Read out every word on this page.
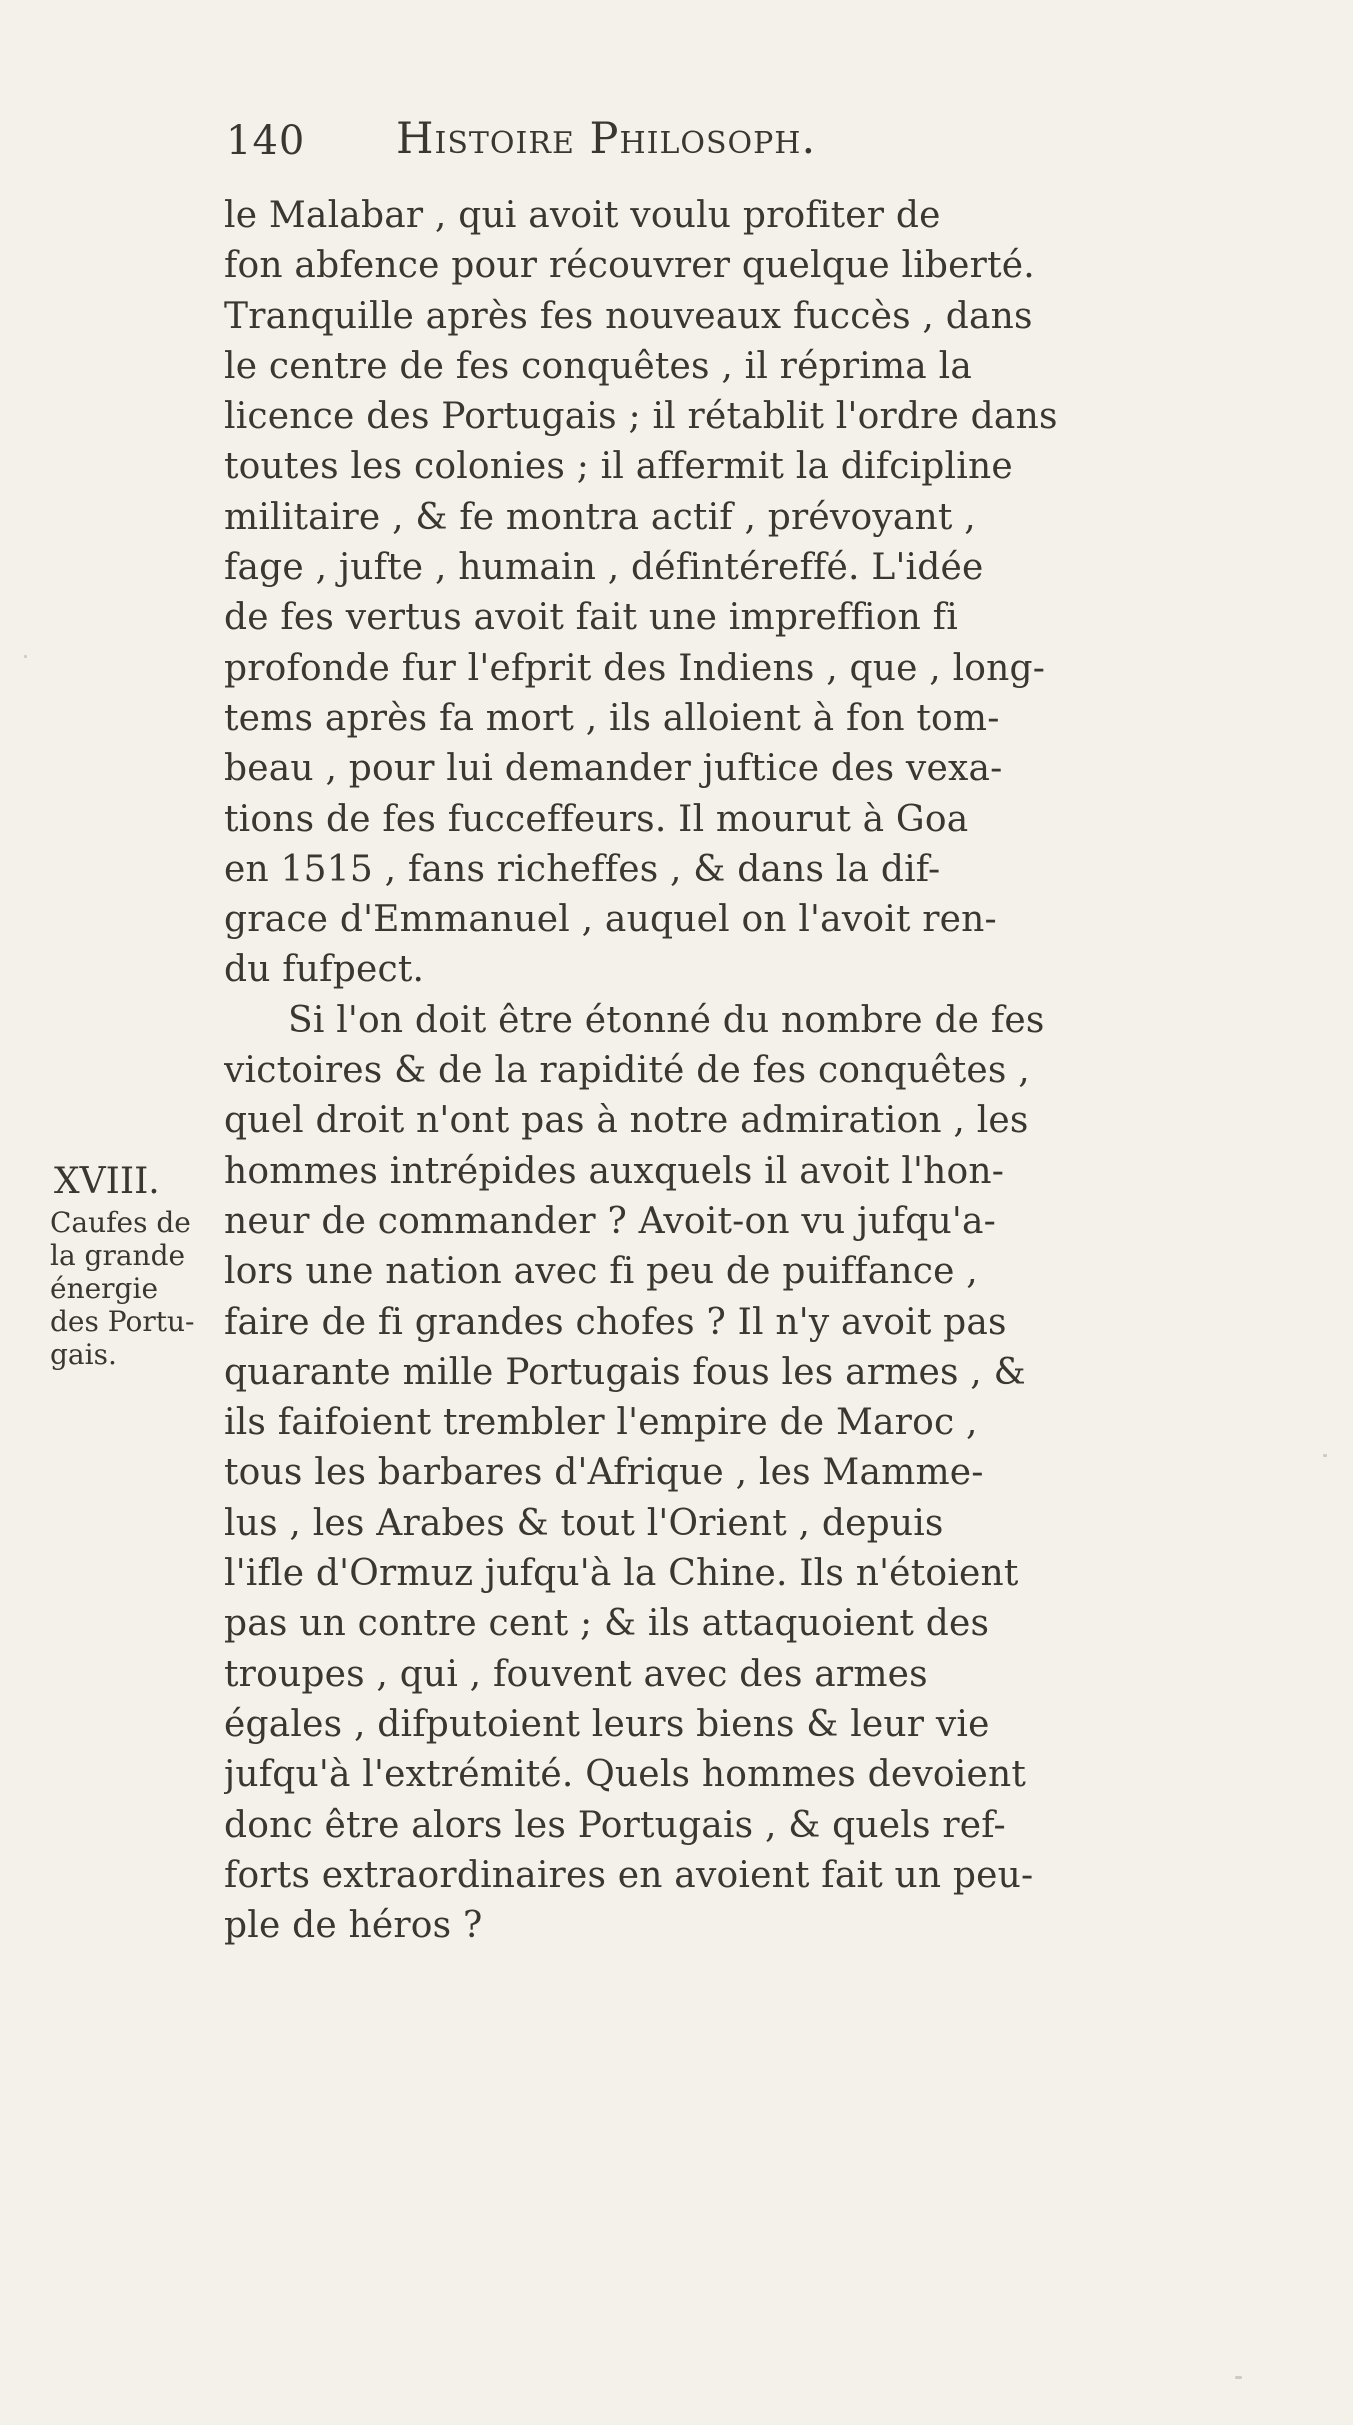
140 Histoire Philosoph.
XVIII.
Caufes de
la grande
énergie
des Portu-
gais.
le Malabar , qui avoit voulu profiter de
fon abfence pour récouvrer quelque liberté.
Tranquille après fes nouveaux fuccès , dans
le centre de fes conquêtes , il réprima la
licence des Portugais ; il rétablit l'ordre dans
toutes les colonies ; il affermit la difcipline
militaire , & fe montra actif , prévoyant ,
fage , jufte , humain , défintéreffé. L'idée
de fes vertus avoit fait une impreffion fi
profonde fur l'efprit des Indiens , que , long-
tems après fa mort , ils alloient à fon tom-
beau , pour lui demander juftice des vexa-
tions de fes fucceffeurs. Il mourut à Goa
en 1515 , fans richeffes , & dans la dif-
grace d'Emmanuel , auquel on l'avoit ren-
du fufpect.
Si l'on doit être étonné du nombre de fes
victoires & de la rapidité de fes conquêtes ,
quel droit n'ont pas à notre admiration , les
hommes intrépides auxquels il avoit l'hon-
neur de commander ? Avoit-on vu jufqu'a-
lors une nation avec fi peu de puiffance ,
faire de fi grandes chofes ? Il n'y avoit pas
quarante mille Portugais fous les armes , &
ils faifoient trembler l'empire de Maroc ,
tous les barbares d'Afrique , les Mamme-
lus , les Arabes & tout l'Orient , depuis
l'ifle d'Ormuz jufqu'à la Chine. Ils n'étoient
pas un contre cent ; & ils attaquoient des
troupes , qui , fouvent avec des armes
égales , difputoient leurs biens & leur vie
jufqu'à l'extrémité. Quels hommes devoient
donc être alors les Portugais , & quels ref-
forts extraordinaires en avoient fait un peu-
ple de héros ?
